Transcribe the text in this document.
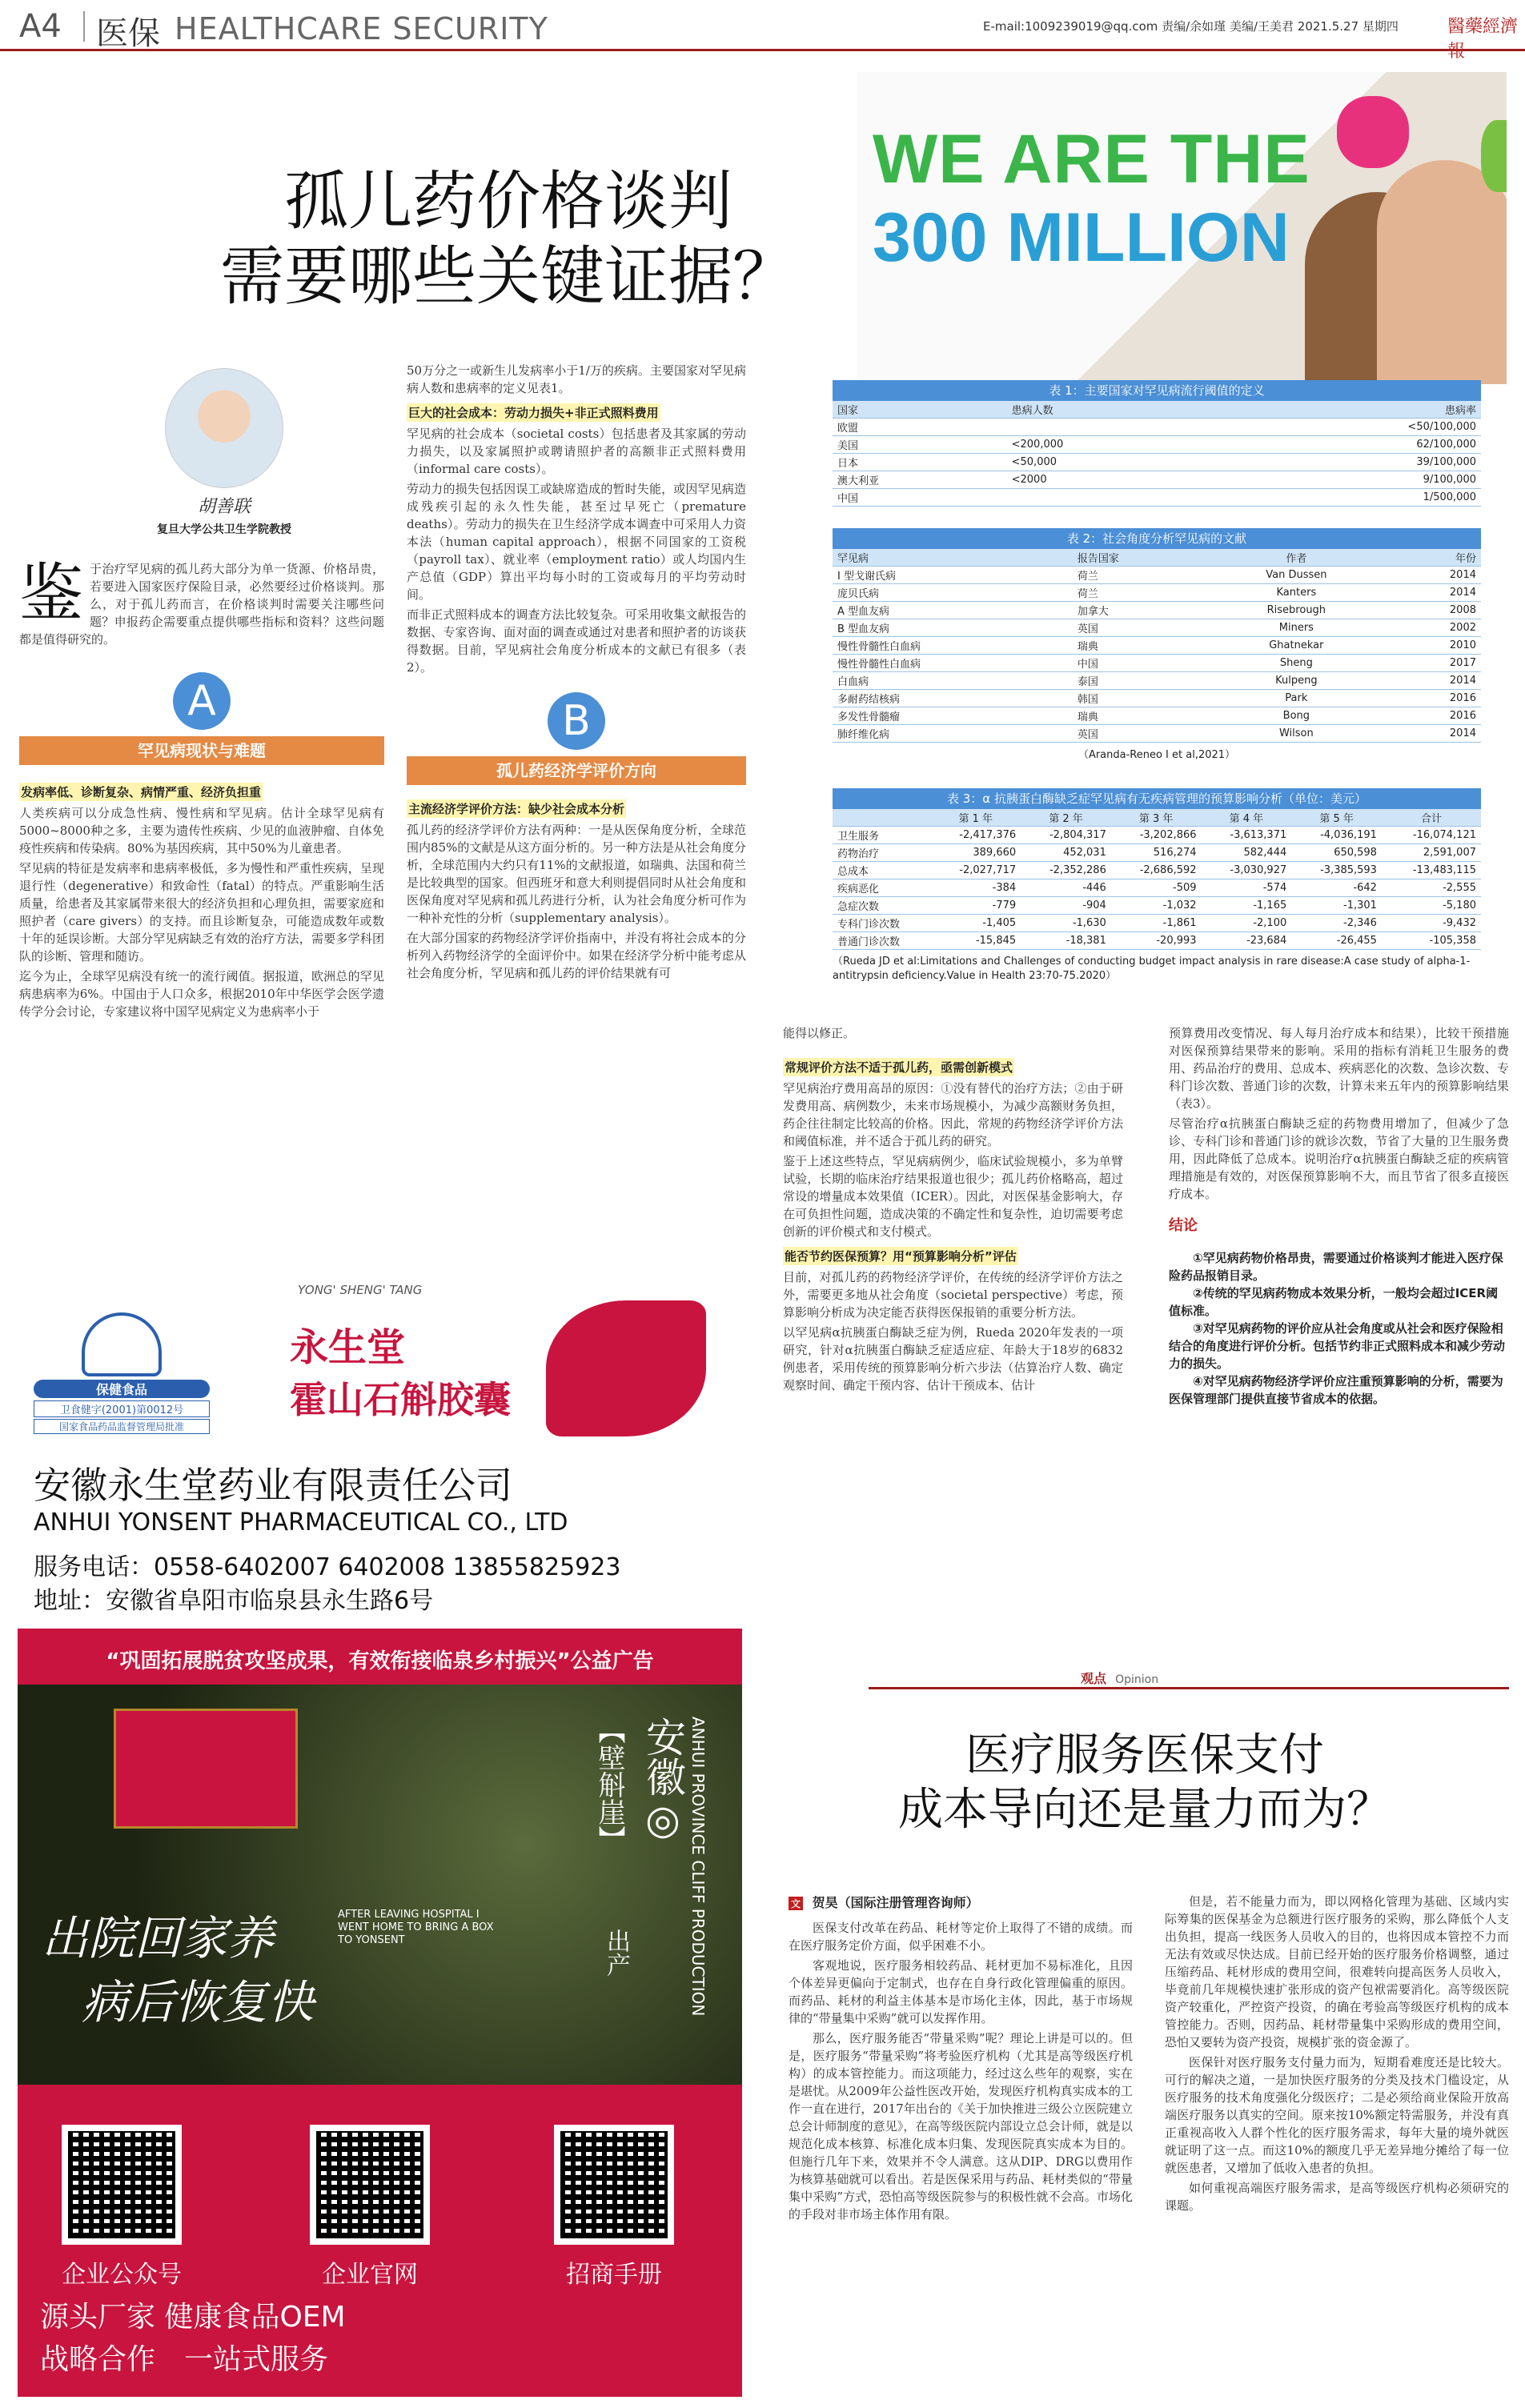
A4 医保 HEALTHCARE SECURITY	E-mail:1009239019@qq.com 责编/余如瑾 美编/王美君 2021.5.27 星期四	醫藥經濟報
孤儿药价格谈判
需要哪些关键证据？
胡善联
复旦大学公共卫生学院教授
鉴 于治疗罕见病的孤儿药大部分为单一货源、价格昂贵，若要进入国家医疗保险目录，必然要经过价格谈判。那么，对于孤儿药而言，在价格谈判时需要关注哪些问题？申报药企需要重点提供哪些指标和资料？这些问题都是值得研究的。
A
罕见病现状与难题
发病率低、诊断复杂、病情严重、经济负担重
人类疾病可以分成急性病、慢性病和罕见病。估计全球罕见病有5000~8000种之多，主要为遗传性疾病、少见的血液肿瘤、自体免疫性疾病和传染病。80%为基因疾病，其中50%为儿童患者。
罕见病的特征是发病率和患病率极低，多为慢性和严重性疾病，呈现退行性（degenerative）和致命性（fatal）的特点。严重影响生活质量，给患者及其家属带来很大的经济负担和心理负担，需要家庭和照护者（care givers）的支持。而且诊断复杂，可能造成数年或数十年的延误诊断。大部分罕见病缺乏有效的治疗方法，需要多学科团队的诊断、管理和随访。
迄今为止，全球罕见病没有统一的流行阈值。据报道，欧洲总的罕见病患病率为6%。中国由于人口众多，根据2010年中华医学会医学遗传学分会讨论，专家建议将中国罕见病定义为患病率小于
50万分之一或新生儿发病率小于1/万的疾病。主要国家对罕见病病人数和患病率的定义见表1。
巨大的社会成本：劳动力损失+非正式照料费用
罕见病的社会成本（societal costs）包括患者及其家属的劳动力损失，以及家属照护或聘请照护者的高额非正式照料费用（informal care costs）。
劳动力的损失包括因误工或缺席造成的暂时失能，或因罕见病造成残疾引起的永久性失能，甚至过早死亡（premature deaths）。劳动力的损失在卫生经济学成本调查中可采用人力资本法（human capital approach），根据不同国家的工资税（payroll tax）、就业率（employment ratio）或人均国内生产总值（GDP）算出平均每小时的工资或每月的平均劳动时间。
而非正式照料成本的调查方法比较复杂。可采用收集文献报告的数据、专家咨询、面对面的调查或通过对患者和照护者的访谈获得数据。目前，罕见病社会角度分析成本的文献已有很多（表2）。
B
孤儿药经济学评价方向
主流经济学评价方法：缺少社会成本分析
孤儿药的经济学评价方法有两种：一是从医保角度分析，全球范围内85%的文献是从这方面分析的。另一种方法是从社会角度分析，全球范围内大约只有11%的文献报道，如瑞典、法国和荷兰是比较典型的国家。但西班牙和意大利则提倡同时从社会角度和医保角度对罕见病和孤儿药进行分析，认为社会角度分析可作为一种补充性的分析（supplementary analysis）。
在大部分国家的药物经济学评价指南中，并没有将社会成本的分析列入药物经济学的全面评价中。如果在经济学分析中能考虑从社会角度分析，罕见病和孤儿药的评价结果就有可
WE ARE THE
300 MILLION
表 1：主要国家对罕见病流行阈值的定义
国家	患病人数	患病率
欧盟		<50/100,000
美国	<200,000	62/100,000
日本	<50,000	39/100,000
澳大利亚	<2000	9/100,000
中国		1/500,000
表 2：社会角度分析罕见病的文献
罕见病	报告国家	作者	年份
I 型戈谢氏病	荷兰	Van Dussen	2014
庞贝氏病	荷兰	Kanters	2014
A 型血友病	加拿大	Risebrough	2008
B 型血友病	英国	Miners	2002
慢性骨髓性白血病	瑞典	Ghatnekar	2010
慢性骨髓性白血病	中国	Sheng	2017
白血病	泰国	Kulpeng	2014
多耐药结核病	韩国	Park	2016
多发性骨髓瘤	瑞典	Bong	2016
肺纤维化病	英国	Wilson	2014
（Aranda-Reneo I et al,2021）
表 3：α 抗胰蛋白酶缺乏症罕见病有无疾病管理的预算影响分析（单位：美元）
	第 1 年	第 2 年	第 3 年	第 4 年	第 5 年	合计
卫生服务	-2,417,376	-2,804,317	-3,202,866	-3,613,371	-4,036,191	-16,074,121
药物治疗	389,660	452,031	516,274	582,444	650,598	2,591,007
总成本	-2,027,717	-2,352,286	-2,686,592	-3,030,927	-3,385,593	-13,483,115
疾病恶化	-384	-446	-509	-574	-642	-2,555
急症次数	-779	-904	-1,032	-1,165	-1,301	-5,180
专科门诊次数	-1,405	-1,630	-1,861	-2,100	-2,346	-9,432
普通门诊次数	-15,845	-18,381	-20,993	-23,684	-26,455	-105,358
（Rueda JD et al:Limitations and Challenges of conducting budget impact analysis in rare disease:A case study of alpha-1-antitrypsin deficiency.Value in Health 23:70-75.2020）
能得以修正。
常规评价方法不适于孤儿药，亟需创新模式
罕见病治疗费用高昂的原因：①没有替代的治疗方法；②由于研发费用高、病例数少，未来市场规模小，为减少高额财务负担，药企往往制定比较高的价格。因此，常规的药物经济学评价方法和阈值标准，并不适合于孤儿药的研究。
鉴于上述这些特点，罕见病病例少，临床试验规模小，多为单臂试验，长期的临床治疗结果报道也很少；孤儿药价格略高，超过常设的增量成本效果值（ICER）。因此，对医保基金影响大，存在可负担性问题，造成决策的不确定性和复杂性，迫切需要考虑创新的评价模式和支付模式。
能否节约医保预算？用“预算影响分析”评估
目前，对孤儿药的药物经济学评价，在传统的经济学评价方法之外，需要更多地从社会角度（societal perspective）考虑，预算影响分析成为决定能否获得医保报销的重要分析方法。
以罕见病α抗胰蛋白酶缺乏症为例，Rueda 2020年发表的一项研究，针对α抗胰蛋白酶缺乏症适应症、年龄大于18岁的6832例患者，采用传统的预算影响分析六步法（估算治疗人数、确定观察时间、确定干预内容、估计干预成本、估计
预算费用改变情况、每人每月治疗成本和结果），比较干预措施对医保预算结果带来的影响。采用的指标有消耗卫生服务的费用、药品治疗的费用、总成本、疾病恶化的次数、急诊次数、专科门诊次数、普通门诊的次数，计算未来五年内的预算影响结果（表3）。
尽管治疗α抗胰蛋白酶缺乏症的药物费用增加了，但减少了急诊、专科门诊和普通门诊的就诊次数，节省了大量的卫生服务费用，因此降低了总成本。说明治疗α抗胰蛋白酶缺乏症的疾病管理措施是有效的，对医保预算影响不大，而且节省了很多直接医疗成本。
结论
①罕见病药物价格昂贵，需要通过价格谈判才能进入医疗保险药品报销目录。
②传统的罕见病药物成本效果分析，一般均会超过ICER阈值标准。
③对罕见病药物的评价应从社会角度或从社会和医疗保险相结合的角度进行评价分析。包括节约非正式照料成本和减少劳动力的损失。
④对罕见病药物经济学评价应注重预算影响的分析，需要为医保管理部门提供直接节省成本的依据。
YONG' SHENG' TANG
保健食品
卫食健字(2001)第0012号
国家食品药品监督管理局批准
永生堂
霍山石斛胶囊
安徽永生堂药业有限责任公司
ANHUI YONSENT PHARMACEUTICAL CO., LTD
服务电话：0558-6402007 6402008 13855825923
地址：安徽省阜阳市临泉县永生路6号
“巩固拓展脱贫攻坚成果，有效衔接临泉乡村振兴”公益广告
安徽◎
【壁斛崖】
出产	ANHUI PROVINCE CLIFF PRODUCTION
出院回家养
病后恢复快
AFTER LEAVING HOSPITAL I WENT HOME TO BRING A BOX TO YONSENT
企业公众号	企业官网	招商手册
源头厂家 健康食品OEM
战略合作　一站式服务
观点 Opinion
医疗服务医保支付
成本导向还是量力而为？
文 贺昊（国际注册管理咨询师）
医保支付改革在药品、耗材等定价上取得了不错的成绩。而在医疗服务定价方面，似乎困难不小。
客观地说，医疗服务相较药品、耗材更加不易标准化，且因个体差异更偏向于定制式，也存在自身行政化管理偏重的原因。而药品、耗材的利益主体基本是市场化主体，因此，基于市场规律的“带量集中采购”就可以发挥作用。
那么，医疗服务能否“带量采购”呢？理论上讲是可以的。但是，医疗服务“带量采购”将考验医疗机构（尤其是高等级医疗机构）的成本管控能力。而这项能力，经过这么些年的观察，实在是堪忧。从2009年公益性医改开始，发现医疗机构真实成本的工作一直在进行，2017年出台的《关于加快推进三级公立医院建立总会计师制度的意见》，在高等级医院内部设立总会计师，就是以规范化成本核算、标准化成本归集、发现医院真实成本为目的。但施行几年下来，效果并不令人满意。这从DIP、DRG以费用作为核算基础就可以看出。若是医保采用与药品、耗材类似的“带量集中采购”方式，恐怕高等级医院参与的积极性就不会高。市场化的手段对非市场主体作用有限。
但是，若不能量力而为，即以网格化管理为基础、区域内实际筹集的医保基金为总额进行医疗服务的采购，那么降低个人支出负担，提高一线医务人员收入的目的，也将因成本管控不力而无法有效或尽快达成。目前已经开始的医疗服务价格调整，通过压缩药品、耗材形成的费用空间，很难转向提高医务人员收入，毕竟前几年规模快速扩张形成的资产包袱需要消化。高等级医院资产较重化，严控资产投资，的确在考验高等级医疗机构的成本管控能力。否则，因药品、耗材带量集中采购形成的费用空间，恐怕又要转为资产投资，规模扩张的资金源了。
医保针对医疗服务支付量力而为，短期看难度还是比较大。可行的解决之道，一是加快医疗服务的分类及技术门槛设定，从医疗服务的技术角度强化分级医疗；二是必须给商业保险开放高端医疗服务以真实的空间。原来按10%额定特需服务，并没有真正重视高收入人群个性化的医疗服务需求，每年大量的境外就医就证明了这一点。而这10%的额度几乎无差异地分摊给了每一位就医患者，又增加了低收入患者的负担。
如何重视高端医疗服务需求，是高等级医疗机构必须研究的课题。
